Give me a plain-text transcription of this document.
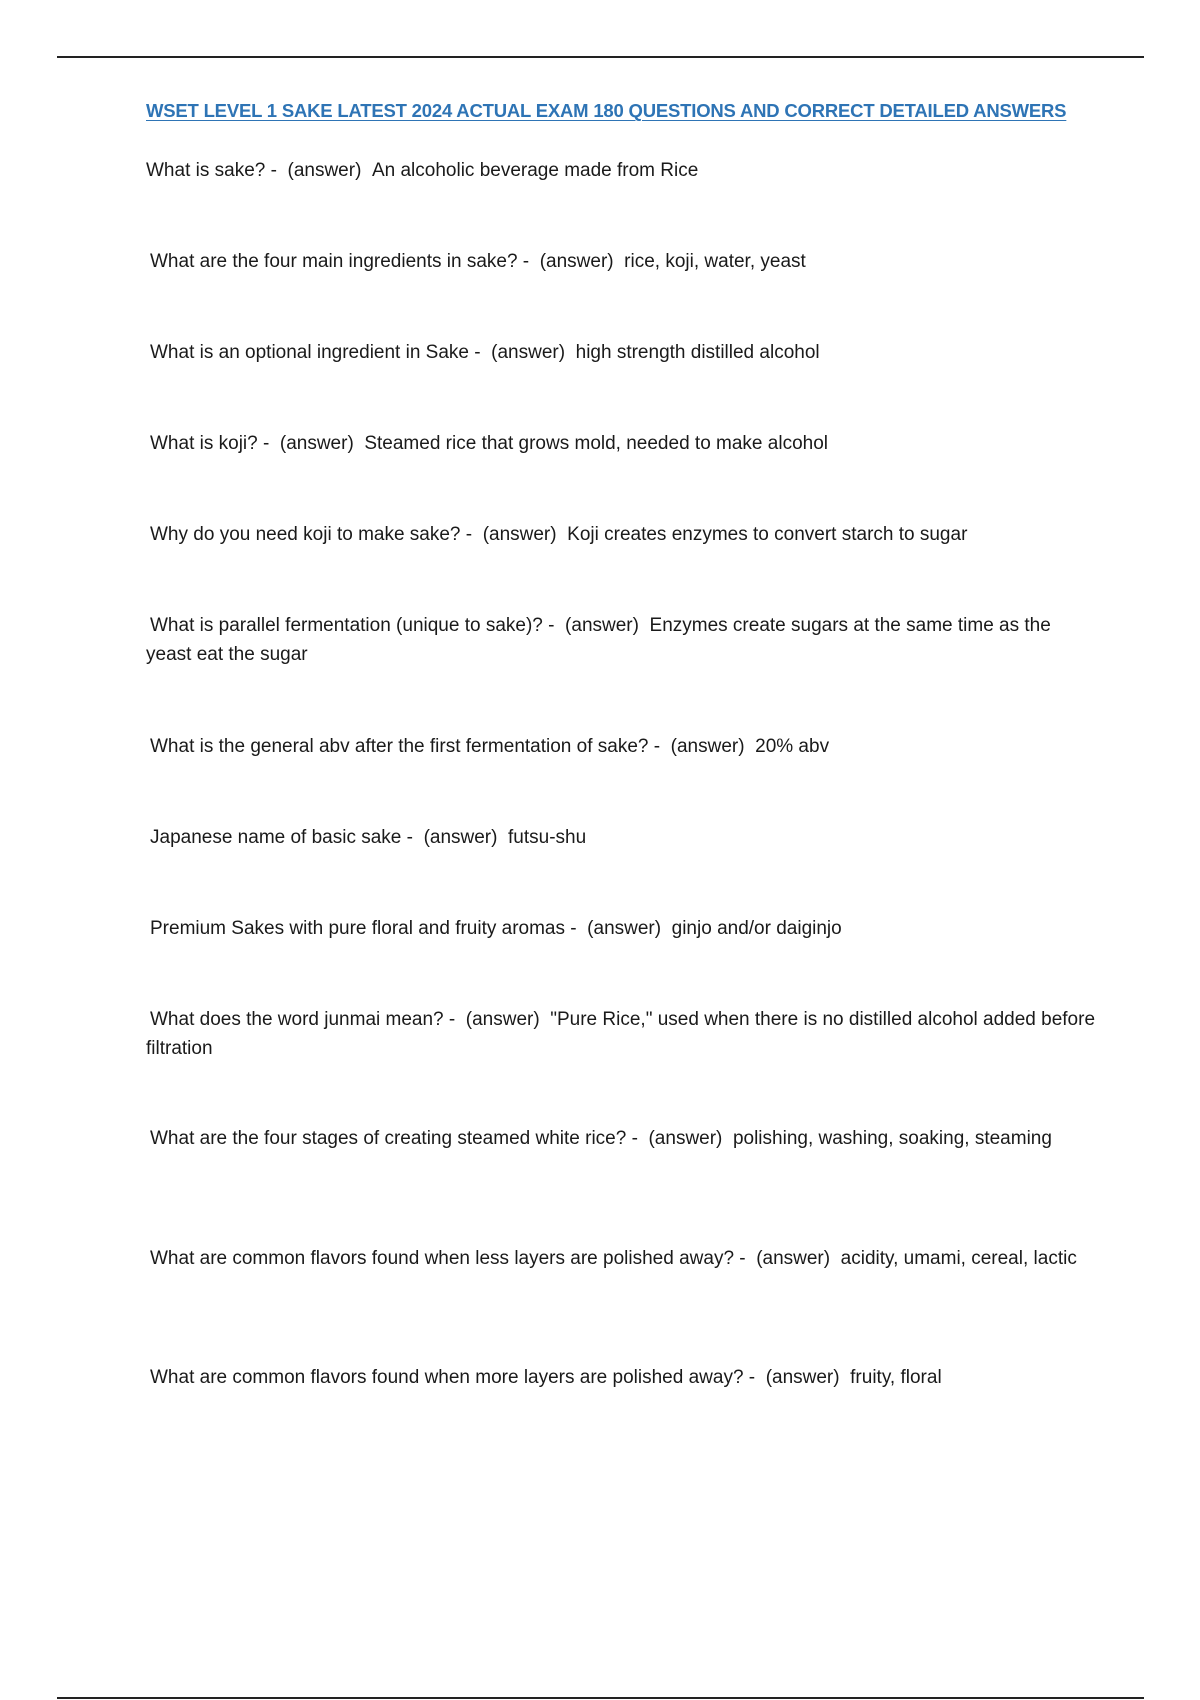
WSET LEVEL 1 SAKE LATEST 2024 ACTUAL EXAM 180 QUESTIONS AND CORRECT DETAILED ANSWERS
What is sake? -  (answer) An alcoholic beverage made from Rice
What are the four main ingredients in sake? -  (answer) rice, koji, water, yeast
What is an optional ingredient in Sake -  (answer) high strength distilled alcohol
What is koji? -  (answer) Steamed rice that grows mold, needed to make alcohol
Why do you need koji to make sake? -  (answer) Koji creates enzymes to convert starch to sugar
What is parallel fermentation (unique to sake)? -  (answer) Enzymes create sugars at the same time as the yeast eat the sugar
What is the general abv after the first fermentation of sake? -  (answer) 20% abv
Japanese name of basic sake -  (answer) futsu-shu
Premium Sakes with pure floral and fruity aromas -  (answer) ginjo and/or daiginjo
What does the word junmai mean? -  (answer) "Pure Rice," used when there is no distilled alcohol added before filtration
What are the four stages of creating steamed white rice? -  (answer) polishing, washing, soaking, steaming
What are common flavors found when less layers are polished away? -  (answer) acidity, umami, cereal, lactic
What are common flavors found when more layers are polished away? -  (answer) fruity, floral
